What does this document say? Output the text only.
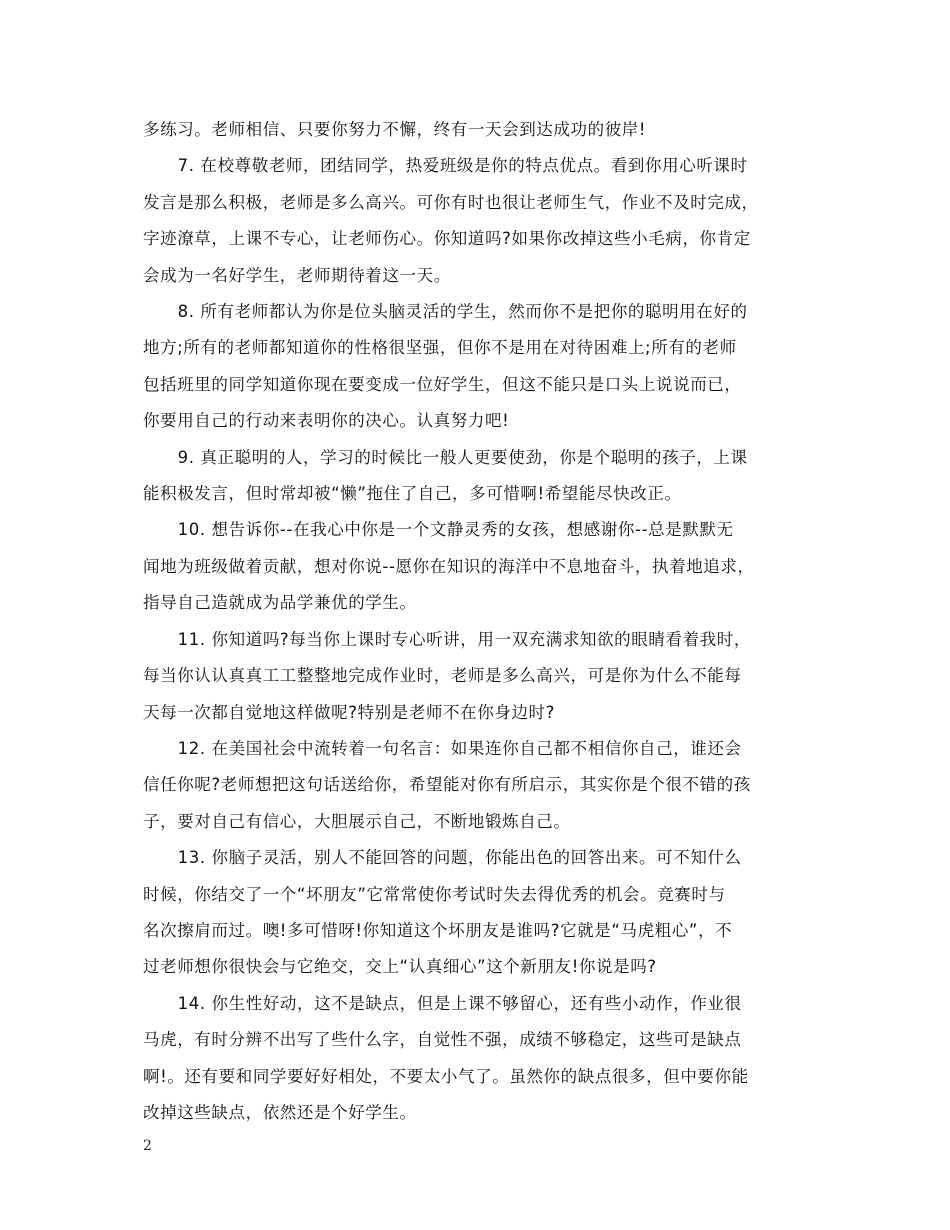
多练习。老师相信、只要你努力不懈，终有一天会到达成功的彼岸!

7. 在校尊敬老师，团结同学，热爱班级是你的特点优点。看到你用心听课时
发言是那么积极，老师是多么高兴。可你有时也很让老师生气，作业不及时完成，
字迹潦草，上课不专心，让老师伤心。你知道吗?如果你改掉这些小毛病，你肯定
会成为一名好学生，老师期待着这一天。

8. 所有老师都认为你是位头脑灵活的学生，然而你不是把你的聪明用在好的
地方;所有的老师都知道你的性格很坚强，但你不是用在对待困难上;所有的老师
包括班里的同学知道你现在要变成一位好学生，但这不能只是口头上说说而已，
你要用自己的行动来表明你的决心。认真努力吧!

9. 真正聪明的人，学习的时候比一般人更要使劲，你是个聪明的孩子，上课
能积极发言，但时常却被“懒”拖住了自己，多可惜啊!希望能尽快改正。

10. 想告诉你--在我心中你是一个文静灵秀的女孩，想感谢你--总是默默无
闻地为班级做着贡献，想对你说--愿你在知识的海洋中不息地奋斗，执着地追求，
指导自己造就成为品学兼优的学生。

11. 你知道吗?每当你上课时专心听讲，用一双充满求知欲的眼睛看着我时，
每当你认认真真工工整整地完成作业时，老师是多么高兴，可是你为什么不能每
天每一次都自觉地这样做呢?特别是老师不在你身边时?

12. 在美国社会中流转着一句名言：如果连你自己都不相信你自己，谁还会
信任你呢?老师想把这句话送给你，希望能对你有所启示，其实你是个很不错的孩
子，要对自己有信心，大胆展示自己，不断地锻炼自己。

13. 你脑子灵活，别人不能回答的问题，你能出色的回答出来。可不知什么
时候，你结交了一个“坏朋友”它常常使你考试时失去得优秀的机会。竞赛时与
名次擦肩而过。噢!多可惜呀!你知道这个坏朋友是谁吗?它就是“马虎粗心”，不
过老师想你很快会与它绝交，交上“认真细心”这个新朋友!你说是吗?

14. 你生性好动，这不是缺点，但是上课不够留心，还有些小动作，作业很
马虎，有时分辨不出写了些什么字，自觉性不强，成绩不够稳定，这些可是缺点
啊!。还有要和同学要好好相处，不要太小气了。虽然你的缺点很多，但中要你能
改掉这些缺点，依然还是个好学生。

2
